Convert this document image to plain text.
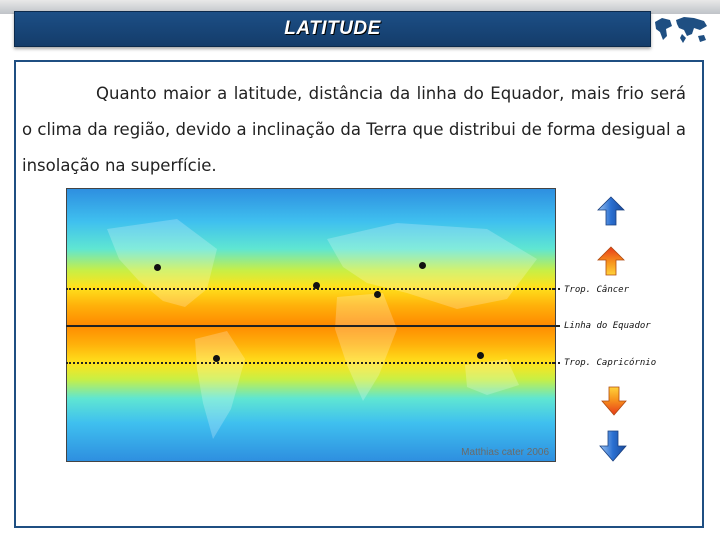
LATITUDE
Quanto maior a latitude, distância da linha do Equador, mais frio será o clima da região, devido a inclinação da Terra que distribui de forma desigual a insolação na superfície.
Matthias cater 2006
Trop. Câncer
Linha do Equador
Trop. Capricórnio
